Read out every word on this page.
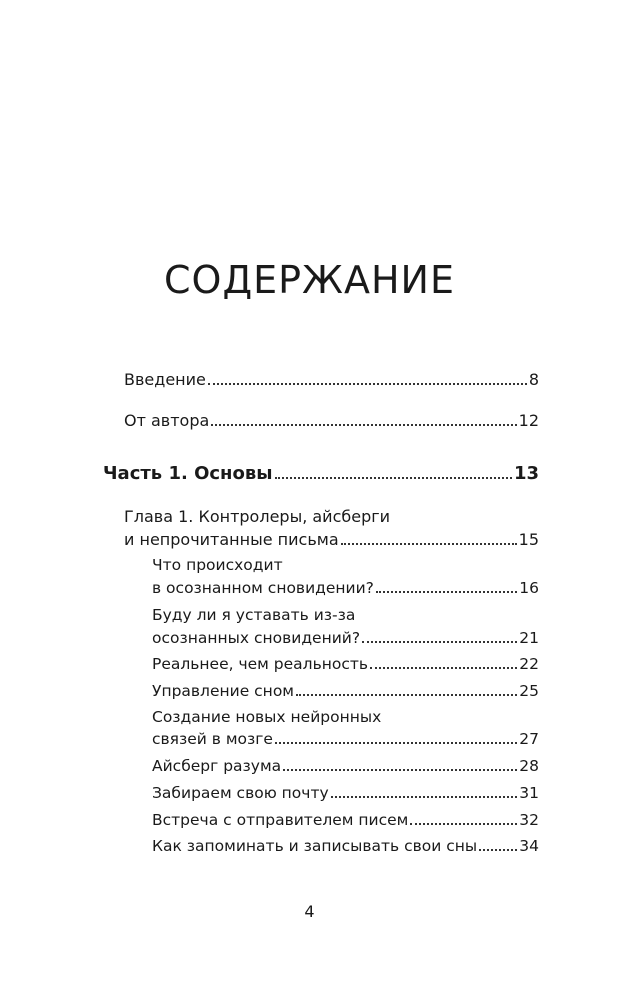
СОДЕРЖАНИЕ
Введение	8
От автора	12
Часть 1. Основы	13
Глава 1. Контролеры, айсберги
и непрочитанные письма	15
Что происходит
в осознанном сновидении?	16
Буду ли я уставать из-за
осознанных сновидений?	21
Реальнее, чем реальность	22
Управление сном	25
Создание новых нейронных
связей в мозге	27
Айсберг разума	28
Забираем свою почту	31
Встреча с отправителем писем	32
Как запоминать и записывать свои сны	34
4
